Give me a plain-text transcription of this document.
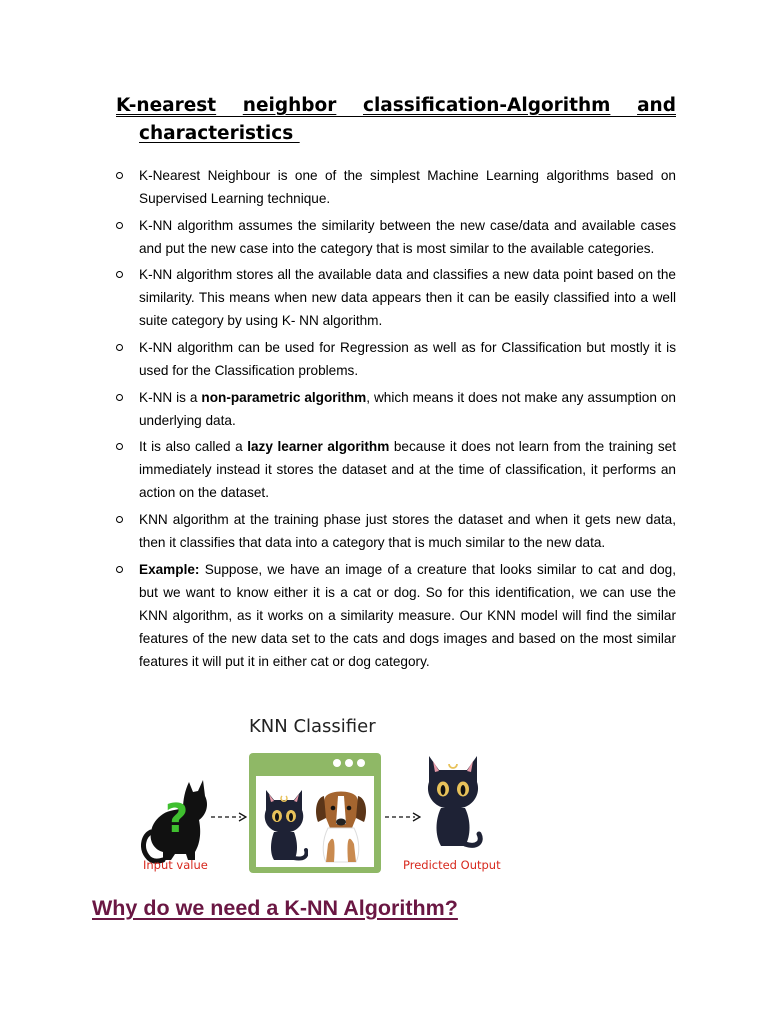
K-nearest neighbor classification-Algorithm and
characteristics
K-Nearest Neighbour is one of the simplest Machine Learning algorithms based on Supervised Learning technique.
K-NN algorithm assumes the similarity between the new case/data and available cases and put the new case into the category that is most similar to the available categories.
K-NN algorithm stores all the available data and classifies a new data point based on the similarity. This means when new data appears then it can be easily classified into a well suite category by using K- NN algorithm.
K-NN algorithm can be used for Regression as well as for Classification but mostly it is used for the Classification problems.
K-NN is a non-parametric algorithm, which means it does not make any assumption on underlying data.
It is also called a lazy learner algorithm because it does not learn from the training set immediately instead it stores the dataset and at the time of classification, it performs an action on the dataset.
KNN algorithm at the training phase just stores the dataset and when it gets new data, then it classifies that data into a category that is much similar to the new data.
Example: Suppose, we have an image of a creature that looks similar to cat and dog, but we want to know either it is a cat or dog. So for this identification, we can use the KNN algorithm, as it works on a similarity measure. Our KNN model will find the similar features of the new data set to the cats and dogs images and based on the most similar features it will put it in either cat or dog category.
KNN Classifier
?
Input value	Predicted Output
Why do we need a K-NN Algorithm?
